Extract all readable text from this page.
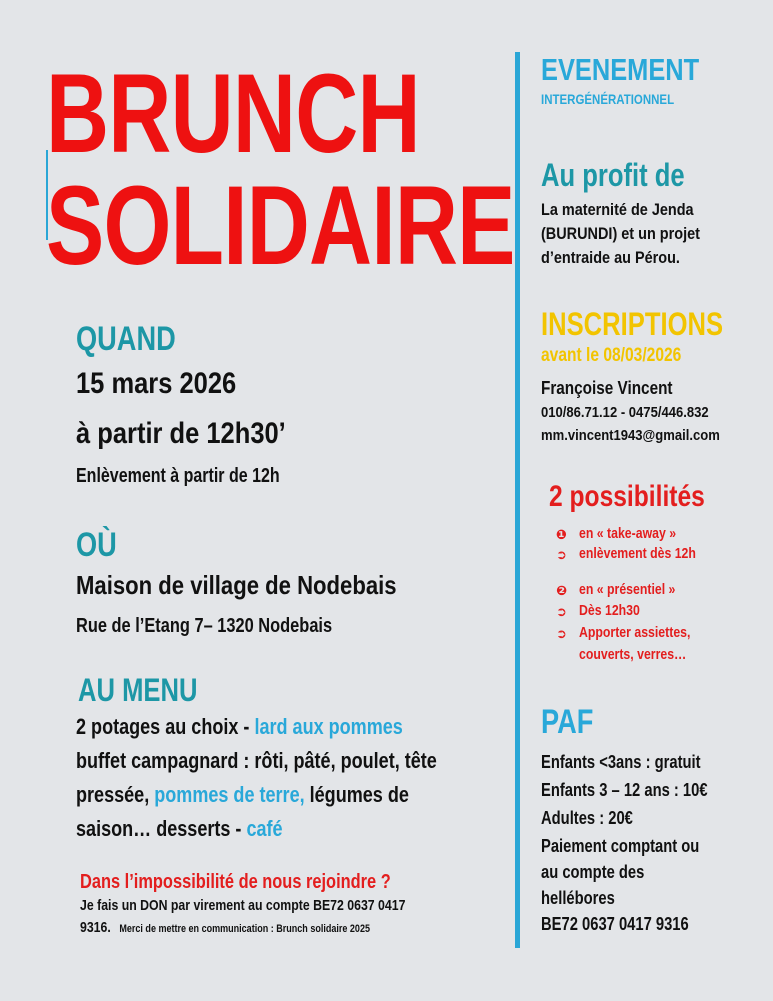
BRUNCH
SOLIDAIRE
QUAND
15 mars 2026
à partir de 12h30’
Enlèvement à partir de 12h
OÙ
Maison de village de Nodebais
Rue de l’Etang 7– 1320 Nodebais
AU MENU
2 potages au choix - lard aux pommes
buffet campagnard : rôti, pâté, poulet, tête
pressée, pommes de terre, légumes de
saison… desserts - café
Dans l’impossibilité de nous rejoindre ?
Je fais un DON par virement au compte BE72 0637 0417
9316. Merci de mettre en communication : Brunch solidaire 2025
EVENEMENT
INTERGÉNÉRATIONNEL
Au profit de
La maternité de Jenda
(BURUNDI) et un projet
d’entraide au Pérou.
INSCRIPTIONS
avant le 08/03/2026
Françoise Vincent
010/86.71.12 - 0475/446.832
mm.vincent1943@gmail.com
2 possibilités
❶ en « take-away »
➲ enlèvement dès 12h
❷ en « présentiel »
➲ Dès 12h30
➲ Apporter assiettes,
couverts, verres…
PAF
Enfants <3ans : gratuit
Enfants 3 – 12 ans : 10€
Adultes : 20€
Paiement comptant ou
au compte des
hellébores
BE72 0637 0417 9316
